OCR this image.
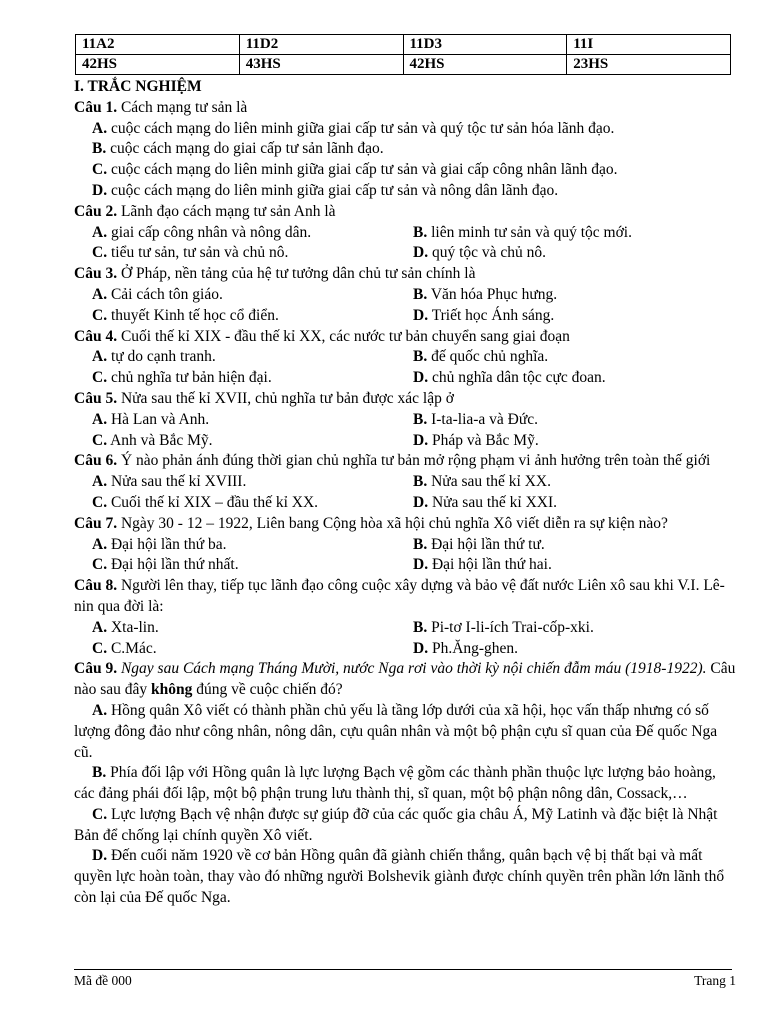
11A2	11D2	11D3	11I
42HS	43HS	42HS	23HS
I. TRẮC NGHIỆM

Câu 1. Cách mạng tư sản là

A. cuộc cách mạng do liên minh giữa giai cấp tư sản và quý tộc tư sản hóa lãnh đạo.

B. cuộc cách mạng do giai cấp tư sản lãnh đạo.

C. cuộc cách mạng do liên minh giữa giai cấp tư sản và giai cấp công nhân lãnh đạo.

D. cuộc cách mạng do liên minh giữa giai cấp tư sản và nông dân lãnh đạo.

Câu 2. Lãnh đạo cách mạng tư sản Anh là

A. giai cấp công nhân và nông dân.	B. liên minh tư sản và quý tộc mới.
C. tiểu tư sản, tư sản và chủ nô.	D. quý tộc và chủ nô.

Câu 3. Ở Pháp, nền tảng của hệ tư tưởng dân chủ tư sản chính là

A. Cải cách tôn giáo.	B. Văn hóa Phục hưng.
C. thuyết Kinh tế học cổ điển.	D. Triết học Ánh sáng.

Câu 4. Cuối thế kỉ XIX - đầu thế kỉ XX, các nước tư bản chuyển sang giai đoạn

A. tự do cạnh tranh.	B. đế quốc chủ nghĩa.
C. chủ nghĩa tư bản hiện đại.	D. chủ nghĩa dân tộc cực đoan.

Câu 5. Nửa sau thế kỉ XVII, chủ nghĩa tư bản được xác lập ở

A. Hà Lan và Anh.	B. I-ta-lia-a và Đức.
C. Anh và Bắc Mỹ.	D. Pháp và Bắc Mỹ.

Câu 6. Ý nào phản ánh đúng thời gian chủ nghĩa tư bản mở rộng phạm vi ảnh hưởng trên toàn thế giới

A. Nửa sau thế kỉ XVIII.	B. Nửa sau thế kỉ XX.
C. Cuối thế kỉ XIX – đầu thế kỉ XX.	D. Nửa sau thế kỉ XXI.

Câu 7. Ngày 30 - 12 – 1922, Liên bang Cộng hòa xã hội chủ nghĩa Xô viết diễn ra sự kiện nào?

A. Đại hội lần thứ ba.	B. Đại hội lần thứ tư.
C. Đại hội lần thứ nhất.	D. Đại hội lần thứ hai.

Câu 8. Người lên thay, tiếp tục lãnh đạo công cuộc xây dựng và bảo vệ đất nước Liên xô sau khi V.I. Lê-nin qua đời là:

A. Xta-lin.	B. Pi-tơ I-li-ích Trai-cốp-xki.
C. C.Mác.	D. Ph.Ăng-ghen.

Câu 9. Ngay sau Cách mạng Tháng Mười, nước Nga rơi vào thời kỳ nội chiến đẫm máu (1918-1922). Câu nào sau đây không đúng về cuộc chiến đó?

A. Hồng quân Xô viết có thành phần chủ yếu là tầng lớp dưới của xã hội, học vấn thấp nhưng có số lượng đông đảo như công nhân, nông dân, cựu quân nhân và một bộ phận cựu sĩ quan của Đế quốc Nga cũ.

B. Phía đối lập với Hồng quân là lực lượng Bạch vệ gồm các thành phần thuộc lực lượng bảo hoàng, các đảng phái đối lập, một bộ phận trung lưu thành thị, sĩ quan, một bộ phận nông dân, Cossack,…

C. Lực lượng Bạch vệ nhận được sự giúp đỡ của các quốc gia châu Á, Mỹ Latinh và đặc biệt là Nhật Bản để chống lại chính quyền Xô viết.

D. Đến cuối năm 1920 về cơ bản Hồng quân đã giành chiến thắng, quân bạch vệ bị thất bại và mất quyền lực hoàn toàn, thay vào đó những người Bolshevik giành được chính quyền trên phần lớn lãnh thổ còn lại của Đế quốc Nga.

Mã đề 000	Trang 1
